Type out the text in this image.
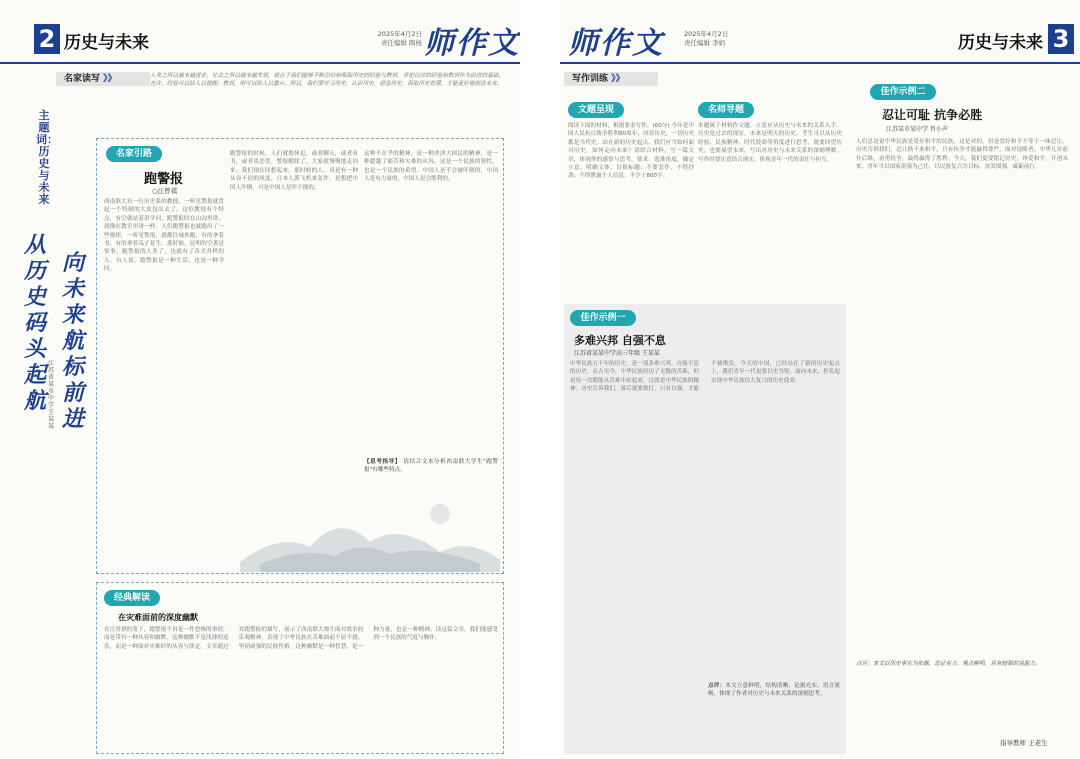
2 历史与未来	2025年4月2日
责任编辑 陶杨 师作文
名家读写 》》	人类之所以越来越进步，社会之所以越来越发展，就在于我们能够不断总结和吸取历史的经验与教训，并把以往的经验和教训作为前进的基础。也许，经验可以给人以提醒；教训，则可以给人以警示。所以，我们要学习历史，认识历史，借鉴历史，汲取历史智慧，才能更好地创造未来。
主题词：历史与未来
从历史码头起航
向未来航标前进
江苏省某市中学 王某某
名家引路
跑警报
○汪曾祺
西南联大有一位历史系的教授，一听见警报就背起一个特制的大皮包出去了。这位教授有个特点，有空就站着讲学问，跑警报时在山沟里讲，就像在教室里讲一样。人们跑警报也就跑出了一些规律。一听见警报，就都往城外跑，有的拿着书，有的拿着瓜子花生。那时候，昆明的空袭是常事，跑警报的人多了，也就有了各式各样的人。有人说，跑警报是一种生活，也是一种学问。
跑警报的时候，人们就地休息，或者聊天，或者看书，或者谈恋爱。警报解除了，大家就慢慢地走回来。我们现在回想起来，那时候的人，真是有一种从容不迫的风度。日本人派飞机来轰炸，是想把中国人吓倒，可是中国人是吓不倒的。
这种不在乎的精神，是一种泱泱大国民的精神，是一种超越了痛苦和灾难的从容。这是一个民族的韧性，也是一个民族的希望。中国人是不会被吓倒的，中国人是有力量的，中国人是会胜利的。
【思考指导】 请结合文本分析西南联大学生"跑警报"有哪些特点。
经典解读
在灾难面前的深度幽默
在汪曾祺的笔下，跑警报不再是一件恐怖的事情，而是带有一种从容和幽默。这种幽默不是浅薄的逗乐，而是一种面对灾难时的从容与淡定。文章通过对跑警报的描写，展示了西南联大师生面对战争的乐观精神，表现了中华民族在苦难面前不屈不挠、坚韧顽强的民族性格。这种幽默是一种智慧，是一种力量，也是一种精神。读这篇文章，我们能感受到一个民族的气度与胸怀。
师作文	2025年4月2日
责任编辑 李娟	历史与未来 3
写作训练 》》
文题呈现
阅读下面的材料，根据要求写作。(60分) 今年是中国人民抗日战争胜利80周年，回首历史，一切历史都是当代史。站在新的历史起点，我们应当如何面对历史，如何走向未来？请结合材料，写一篇文章，体现你的感悟与思考。要求：选准角度，确定立意，明确文体，自拟标题；不要套作，不得抄袭；不得泄露个人信息；不少于800字。
名师导题
本题属于材料作文题，立意应从历史与未来的关系入手。历史是过去的现实，未来是明天的历史。考生可以从历史经验、民族精神、时代使命等角度进行思考，既要回望历史，也要展望未来，写出对历史与未来关系的深刻理解。写作时要注意结合现实，体现青年一代的责任与担当。
佳作示例一
多难兴邦 自强不息
江苏省某某中学高三年级 王某某
中华民族五千年的历史，是一部多难兴邦、自强不息的历史。从古至今，中华民族经历了无数的苦难，但是每一次都能从苦难中站起来，这就是中华民族的精神。历史告诉我们，落后就要挨打，只有自强，才能不被欺负。今天的中国，已经站在了新的历史起点上，我们青年一代更要以史为鉴，面向未来，担负起实现中华民族伟大复兴的历史使命。
点评：本文立意鲜明，结构清晰，论据充实，语言流畅，体现了作者对历史与未来关系的深刻思考。
佳作示例二
忍让可耻 抗争必胜
江苏某市某中学 肖小声
人们总是说中华民族是爱好和平的民族，这是对的。但是爱好和平不等于一味忍让。历史告诉我们，忍让换不来和平，只有抗争才能赢得尊严。面对侵略者，中华儿女前仆后继，奋勇抗争，最终赢得了胜利。今天，我们更要铭记历史，珍爱和平，开创未来。青年当以国家富强为己任，以民族复兴为目标，奋发图强，砥砺前行。
点评：本文以历史事实为依据，论证有力，观点鲜明，具有较强的说服力。
指导教师 王老生
